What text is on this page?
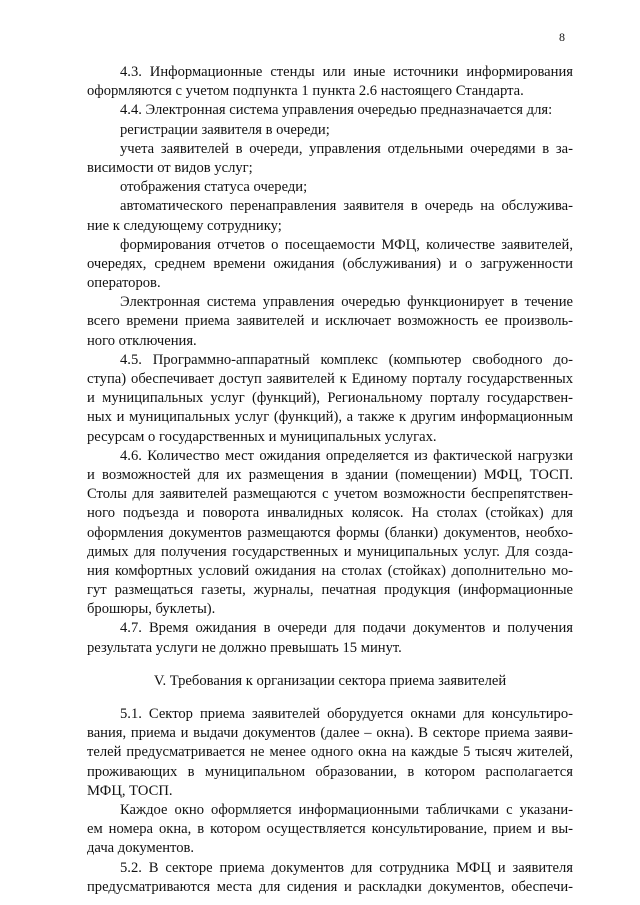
8
4.3. Информационные стенды или иные источники информирования
оформляются с учетом подпункта 1 пункта 2.6 настоящего Стандарта.
4.4. Электронная система управления очередью предназначается для:
регистрации заявителя в очереди;
учета заявителей в очереди, управления отдельными очередями в за-
висимости от видов услуг;
отображения статуса очереди;
автоматического перенаправления заявителя в очередь на обслужива-
ние к следующему сотруднику;
формирования отчетов о посещаемости МФЦ, количестве заявителей,
очередях, среднем времени ожидания (обслуживания) и о загруженности
операторов.
Электронная система управления очередью функционирует в течение
всего времени приема заявителей и исключает возможность ее произволь-
ного отключения.
4.5. Программно-аппаратный комплекс (компьютер свободного до-
ступа) обеспечивает доступ заявителей к Единому порталу государственных
и муниципальных услуг (функций), Региональному порталу государствен-
ных и муниципальных услуг (функций), а также к другим информационным
ресурсам о государственных и муниципальных услугах.
4.6. Количество мест ожидания определяется из фактической нагрузки
и возможностей для их размещения в здании (помещении) МФЦ, ТОСП.
Столы для заявителей размещаются с учетом возможности беспрепятствен-
ного подъезда и поворота инвалидных колясок. На столах (стойках) для
оформления документов размещаются формы (бланки) документов, необхо-
димых для получения государственных и муниципальных услуг. Для созда-
ния комфортных условий ожидания на столах (стойках) дополнительно мо-
гут размещаться газеты, журналы, печатная продукция (информационные
брошюры, буклеты).
4.7. Время ожидания в очереди для подачи документов и получения
результата услуги не должно превышать 15 минут.
V. Требования к организации сектора приема заявителей
5.1. Сектор приема заявителей оборудуется окнами для консультиро-
вания, приема и выдачи документов (далее – окна). В секторе приема заяви-
телей предусматривается не менее одного окна на каждые 5 тысяч жителей,
проживающих в муниципальном образовании, в котором располагается
МФЦ, ТОСП.
Каждое окно оформляется информационными табличками с указани-
ем номера окна, в котором осуществляется консультирование, прием и вы-
дача документов.
5.2. В секторе приема документов для сотрудника МФЦ и заявителя
предусматриваются места для сидения и раскладки документов, обеспечи-
